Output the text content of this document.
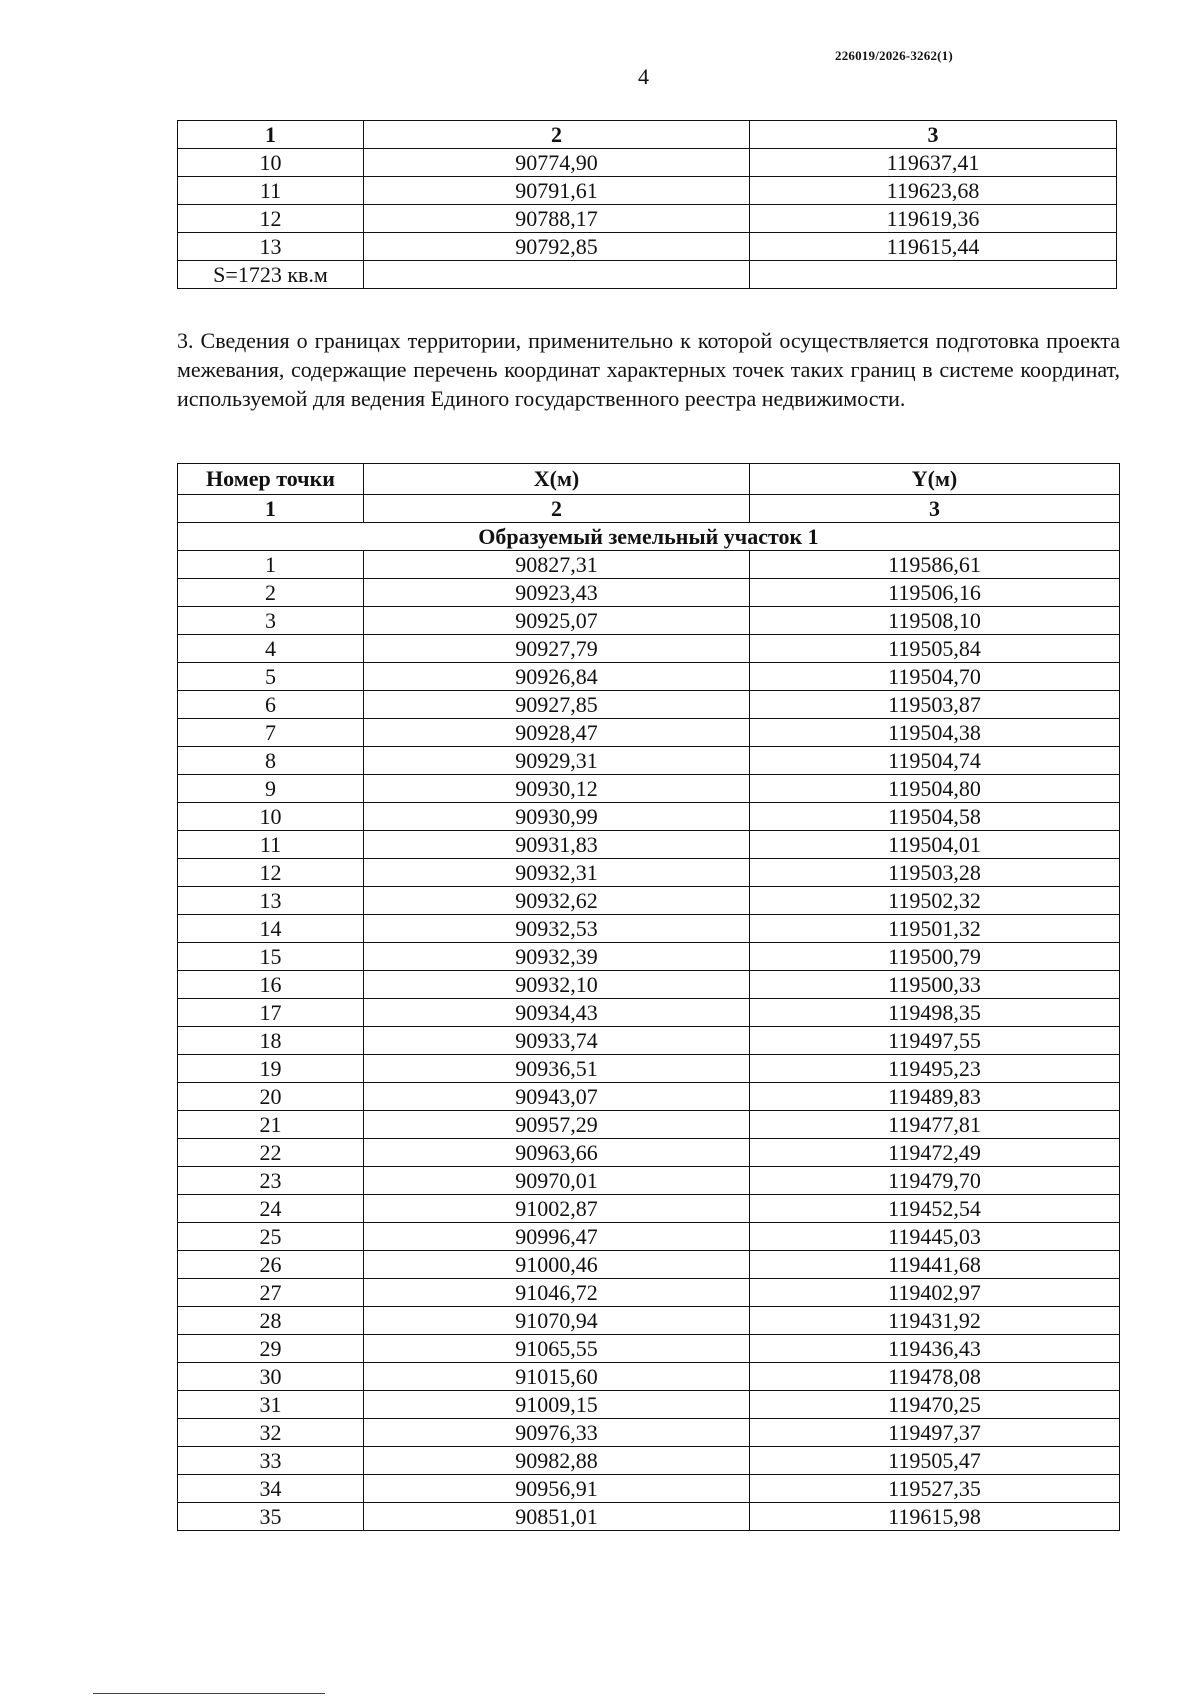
226019/2026-3262(1)
4
1	2	3
10	90774,90	119637,41
11	90791,61	119623,68
12	90788,17	119619,36
13	90792,85	119615,44
S=1723 кв.м		
3. Сведения о границах территории, применительно к которой осуществляется подготовка проекта межевания, содержащие перечень координат характерных точек таких границ в системе координат, используемой для ведения Единого государственного реестра недвижимости.
Номер точки	X(м)	Y(м)
1	2	3
Образуемый земельный участок 1		
1	90827,31	119586,61
2	90923,43	119506,16
3	90925,07	119508,10
4	90927,79	119505,84
5	90926,84	119504,70
6	90927,85	119503,87
7	90928,47	119504,38
8	90929,31	119504,74
9	90930,12	119504,80
10	90930,99	119504,58
11	90931,83	119504,01
12	90932,31	119503,28
13	90932,62	119502,32
14	90932,53	119501,32
15	90932,39	119500,79
16	90932,10	119500,33
17	90934,43	119498,35
18	90933,74	119497,55
19	90936,51	119495,23
20	90943,07	119489,83
21	90957,29	119477,81
22	90963,66	119472,49
23	90970,01	119479,70
24	91002,87	119452,54
25	90996,47	119445,03
26	91000,46	119441,68
27	91046,72	119402,97
28	91070,94	119431,92
29	91065,55	119436,43
30	91015,60	119478,08
31	91009,15	119470,25
32	90976,33	119497,37
33	90982,88	119505,47
34	90956,91	119527,35
35	90851,01	119615,98
